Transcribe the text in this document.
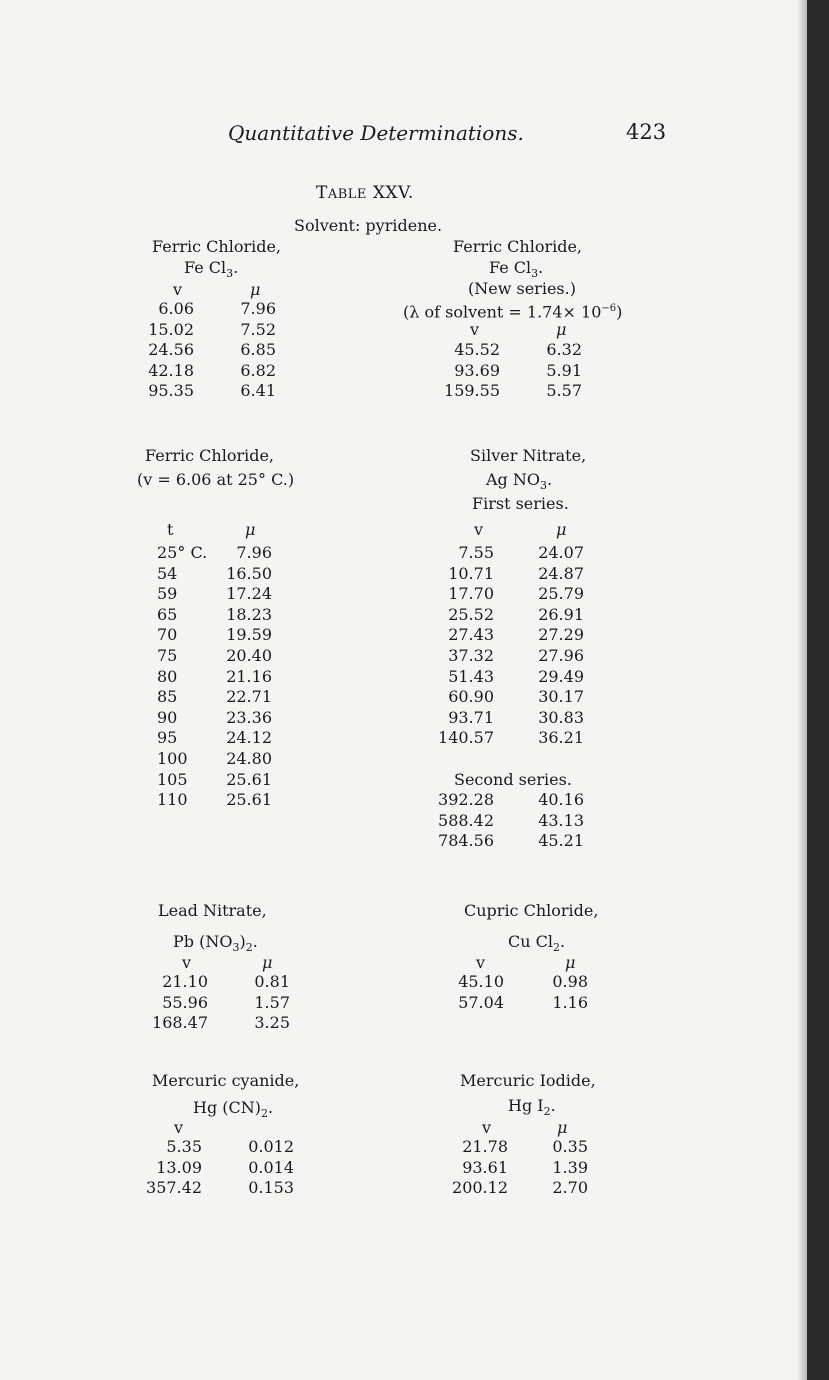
Quantitative Determinations.	423
TABLE XXV.
Solvent: pyridene.
Ferric Chloride,
Fe $Cl_3$.
v	μ
6.06	7.96
15.02	7.52
24.56	6.85
42.18	6.82
95.35	6.41
Ferric Chloride,
Fe $Cl_3$.
(New series.)
(λ of solvent = $1.74\times 10^{-6}$)
v	μ
45.52	6.32
93.69	5.91
159.55	5.57
Ferric Chloride,
(v = 6.06 at 25° C.)
t	μ
25° C.	7.96
54	16.50
59	17.24
65	18.23
70	19.59
75	20.40
80	21.16
85	22.71
90	23.36
95	24.12
100	24.80
105	25.61
110	25.61
Silver Nitrate,
Ag $NO_3$.
First series.
v	μ
7.55	24.07
10.71	24.87
17.70	25.79
25.52	26.91
27.43	27.29
37.32	27.96
51.43	29.49
60.90	30.17
93.71	30.83
140.57	36.21
Second series.
392.28	40.16
588.42	43.13
784.56	45.21
Lead Nitrate,
Pb $(NO_3)_2$.
v	μ
21.10	0.81
55.96	1.57
168.47	3.25
Cupric Chloride,
Cu $Cl_2$.
v	μ
45.10	0.98
57.04	1.16
Mercuric cyanide,
Hg $(CN)_2$.
v
5.35	0.012
13.09	0.014
357.42	0.153
Mercuric Iodide,
Hg $I_2$.
v	μ
21.78	0.35
93.61	1.39
200.12	2.70
